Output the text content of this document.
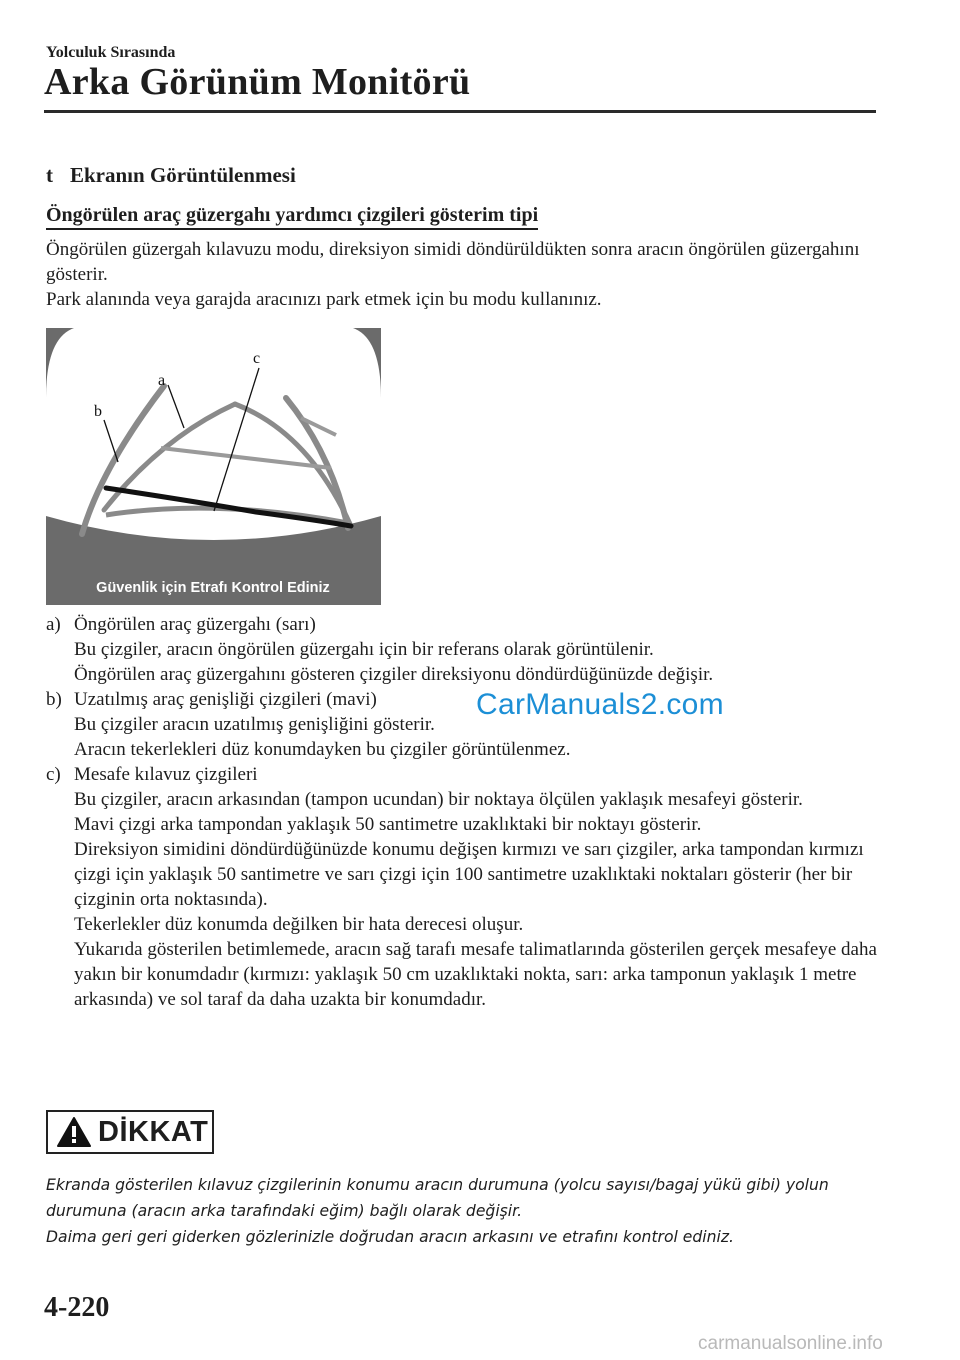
Yolculuk Sırasında
Arka Görünüm Monitörü
t Ekranın Görüntülenmesi
Öngörülen araç güzergahı yardımcı çizgileri gösterim tipi
Öngörülen güzergah kılavuzu modu, direksiyon simidi döndürüldükten sonra aracın öngörülen güzergahını gösterir.
Park alanında veya garajda aracınızı park etmek için bu modu kullanınız.
a
b
c
Güvenlik için Etrafı Kontrol Ediniz
a) Öngörülen araç güzergahı (sarı)

Bu çizgiler, aracın öngörülen güzergahı için bir referans olarak görüntülenir.

Öngörülen araç güzergahını gösteren çizgiler direksiyonu döndürdüğünüzde değişir.

b) Uzatılmış araç genişliği çizgileri (mavi)

Bu çizgiler aracın uzatılmış genişliğini gösterir.

Aracın tekerlekleri düz konumdayken bu çizgiler görüntülenmez.

c) Mesafe kılavuz çizgileri

Bu çizgiler, aracın arkasından (tampon ucundan) bir noktaya ölçülen yaklaşık mesafeyi gösterir.

Mavi çizgi arka tampondan yaklaşık 50 santimetre uzaklıktaki bir noktayı gösterir.

Direksiyon simidini döndürdüğünüzde konumu değişen kırmızı ve sarı çizgiler, arka tampondan kırmızı çizgi için yaklaşık 50 santimetre ve sarı çizgi için 100 santimetre uzaklıktaki noktaları gösterir (her bir çizginin orta noktasında).

Tekerlekler düz konumda değilken bir hata derecesi oluşur.

Yukarıda gösterilen betimlemede, aracın sağ tarafı mesafe talimatlarında gösterilen gerçek mesafeye daha yakın bir konumdadır (kırmızı: yaklaşık 50 cm uzaklıktaki nokta, sarı: arka tamponun yaklaşık 1 metre arkasında) ve sol taraf da daha uzakta bir konumdadır.

CarManuals2.com
DİKKAT

Ekranda gösterilen kılavuz çizgilerinin konumu aracın durumuna (yolcu sayısı/bagaj yükü gibi) yolun durumuna (aracın arka tarafındaki eğim) bağlı olarak değişir.

Daima geri geri giderken gözlerinizle doğrudan aracın arkasını ve etrafını kontrol ediniz.

4-220
carmanualsonline.info
